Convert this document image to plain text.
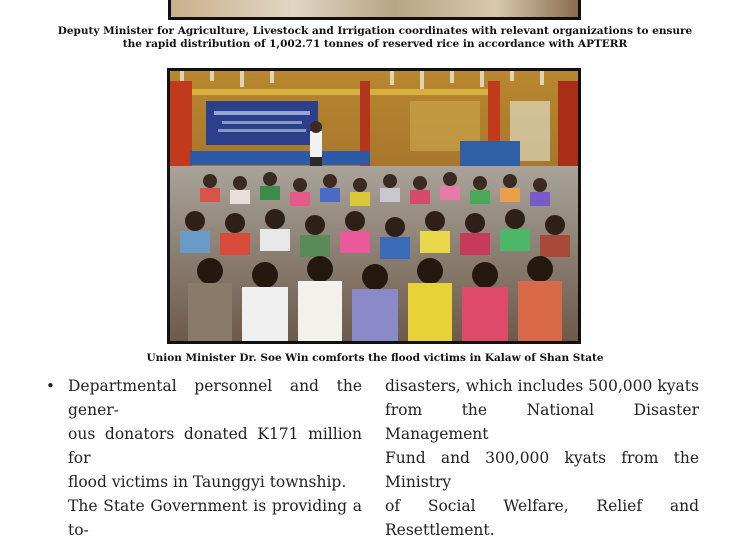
Deputy Minister for Agriculture, Livestock and Irrigation coordinates with relevant organizations to ensure
the rapid distribution of 1,002.71 tonnes of reserved rice in accordance with APTERR
Union Minister Dr. Soe Win comforts the flood victims in Kalaw of Shan State
• Departmental personnel and the gener-
ous donators donated K171 million for
flood victims in Taunggyi township.
The State Government is providing a to-
disasters, which includes 500,000 kyats
from the National Disaster Management
Fund and 300,000 kyats from the Ministry
of Social Welfare, Relief and Resettlement.
